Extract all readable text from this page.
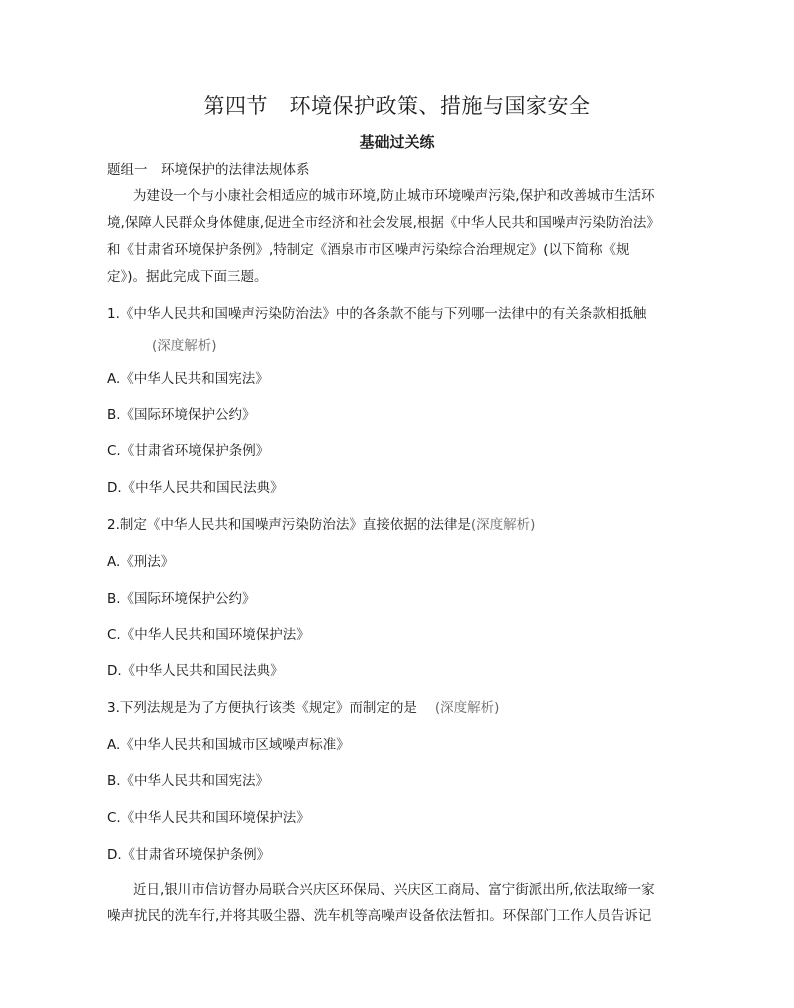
第四节　环境保护政策、措施与国家安全
基础过关练
题组一　环境保护的法律法规体系
为建设一个与小康社会相适应的城市环境,防止城市环境噪声污染,保护和改善城市生活环
境,保障人民群众身体健康,促进全市经济和社会发展,根据《中华人民共和国噪声污染防治法》
和《甘肃省环境保护条例》,特制定《酒泉市市区噪声污染综合治理规定》(以下简称《规
定》)。据此完成下面三题。
1.《中华人民共和国噪声污染防治法》中的各条款不能与下列哪一法律中的有关条款相抵触
(深度解析)
A.《中华人民共和国宪法》
B.《国际环境保护公约》
C.《甘肃省环境保护条例》
D.《中华人民共和国民法典》
2.制定《中华人民共和国噪声污染防治法》直接依据的法律是(深度解析)
A.《刑法》
B.《国际环境保护公约》
C.《中华人民共和国环境保护法》
D.《中华人民共和国民法典》
3.下列法规是为了方便执行该类《规定》而制定的是 (深度解析)
A.《中华人民共和国城市区域噪声标准》
B.《中华人民共和国宪法》
C.《中华人民共和国环境保护法》
D.《甘肃省环境保护条例》
近日,银川市信访督办局联合兴庆区环保局、兴庆区工商局、富宁街派出所,依法取缔一家
噪声扰民的洗车行,并将其吸尘器、洗车机等高噪声设备依法暂扣。环保部门工作人员告诉记
